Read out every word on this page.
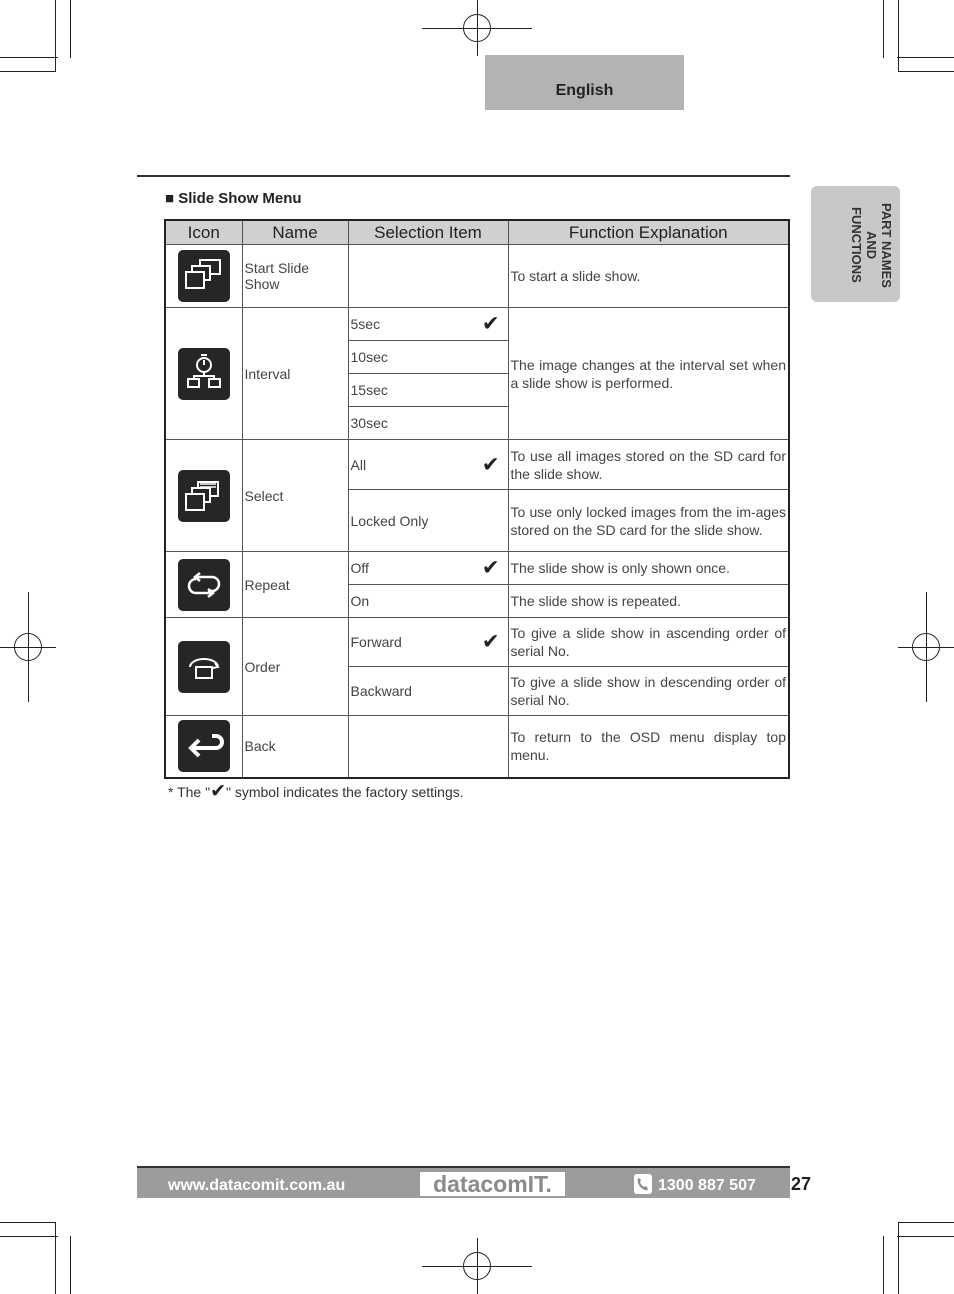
English
PART NAMES AND FUNCTIONS
■ Slide Show Menu
Icon	Name	Selection Item	Function Explanation

	Start Slide Show		To start a slide show.

	Interval	5sec ✔	The image changes at the interval set when a slide show is performed.
		10sec	
		15sec	
		30sec	

	Select	All ✔	To use all images stored on the SD card for the slide show.
		Locked Only	To use only locked images from the im-ages stored on the SD card for the slide show.

	Repeat	Off ✔	The slide show is only shown once.
		On	The slide show is repeated.

	Order	Forward ✔	To give a slide show in ascending order of serial No.
		Backward	To give a slide show in descending order of serial No.

	Back		To return to the OSD menu display top menu.
* The "✔" symbol indicates the factory settings.
www.datacomit.com.au	datacomIT.	1300 887 507 27
